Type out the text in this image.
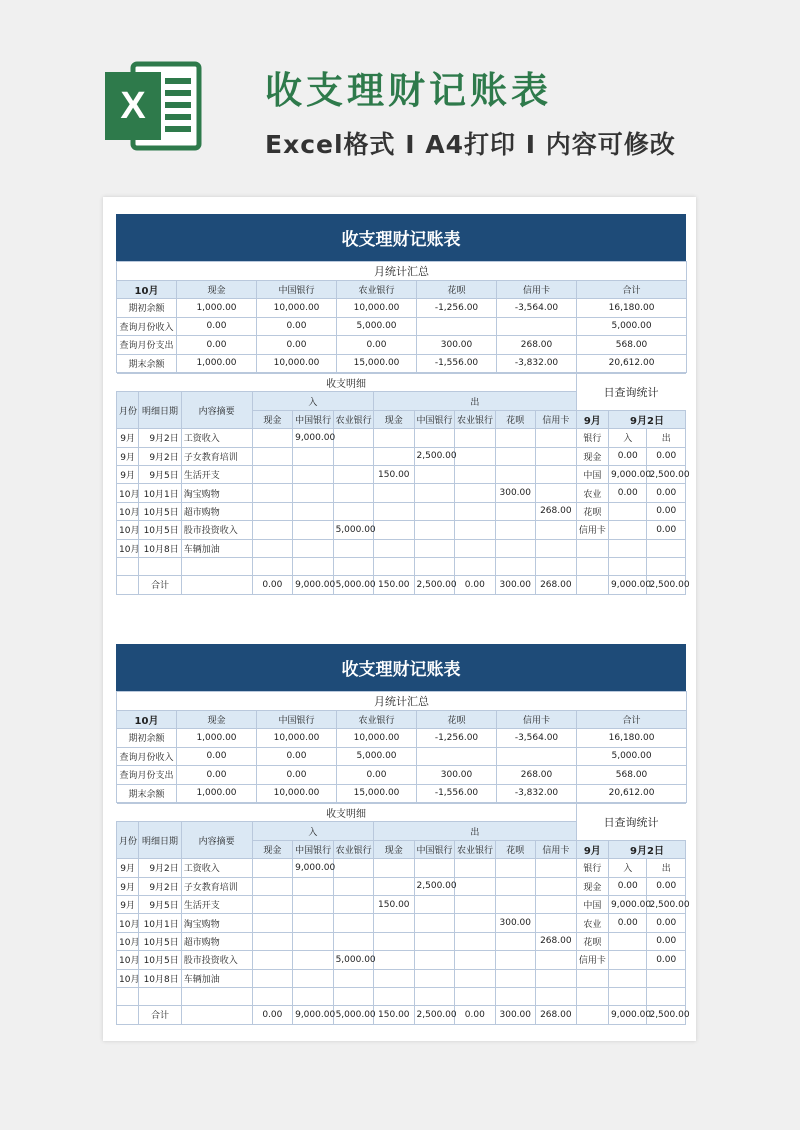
X	收支理财记账表
Excel格式 I A4打印 I 内容可修改
收支理财记账表
月统计汇总						
10月	现金	中国银行	农业银行	花呗	信用卡	合计
期初余额	1,000.00	10,000.00	10,000.00	-1,256.00	-3,564.00	16,180.00
查询月份收入	0.00	0.00	5,000.00			5,000.00
查询月份支出	0.00	0.00	0.00	300.00	268.00	568.00
期末余额	1,000.00	10,000.00	15,000.00	-1,556.00	-3,832.00	20,612.00
收支明细											日查询统计		
月份	明细日期	内容摘要	入			出							
			现金	中国银行	农业银行	现金	中国银行	农业银行	花呗	信用卡	9月	9月2日	
9月	9月2日	工资收入		9,000.00							银行	入	出
9月	9月2日	子女教育培训					2,500.00				现金	0.00	0.00
9月	9月5日	生活开支				150.00					中国	9,000.00	2,500.00
10月	10月1日	淘宝购物							300.00		农业	0.00	0.00
10月	10月5日	超市购物								268.00	花呗		0.00
10月	10月5日	股市投资收入			5,000.00						信用卡		0.00
10月	10月8日	车辆加油											

	合计		0.00	9,000.00	5,000.00	150.00	2,500.00	0.00	300.00	268.00		9,000.00	2,500.00
收支理财记账表
月统计汇总						
10月	现金	中国银行	农业银行	花呗	信用卡	合计
期初余额	1,000.00	10,000.00	10,000.00	-1,256.00	-3,564.00	16,180.00
查询月份收入	0.00	0.00	5,000.00			5,000.00
查询月份支出	0.00	0.00	0.00	300.00	268.00	568.00
期末余额	1,000.00	10,000.00	15,000.00	-1,556.00	-3,832.00	20,612.00
收支明细											日查询统计		
月份	明细日期	内容摘要	入			出							
			现金	中国银行	农业银行	现金	中国银行	农业银行	花呗	信用卡	9月	9月2日	
9月	9月2日	工资收入		9,000.00							银行	入	出
9月	9月2日	子女教育培训					2,500.00				现金	0.00	0.00
9月	9月5日	生活开支				150.00					中国	9,000.00	2,500.00
10月	10月1日	淘宝购物							300.00		农业	0.00	0.00
10月	10月5日	超市购物								268.00	花呗		0.00
10月	10月5日	股市投资收入			5,000.00						信用卡		0.00
10月	10月8日	车辆加油											

	合计		0.00	9,000.00	5,000.00	150.00	2,500.00	0.00	300.00	268.00		9,000.00	2,500.00
